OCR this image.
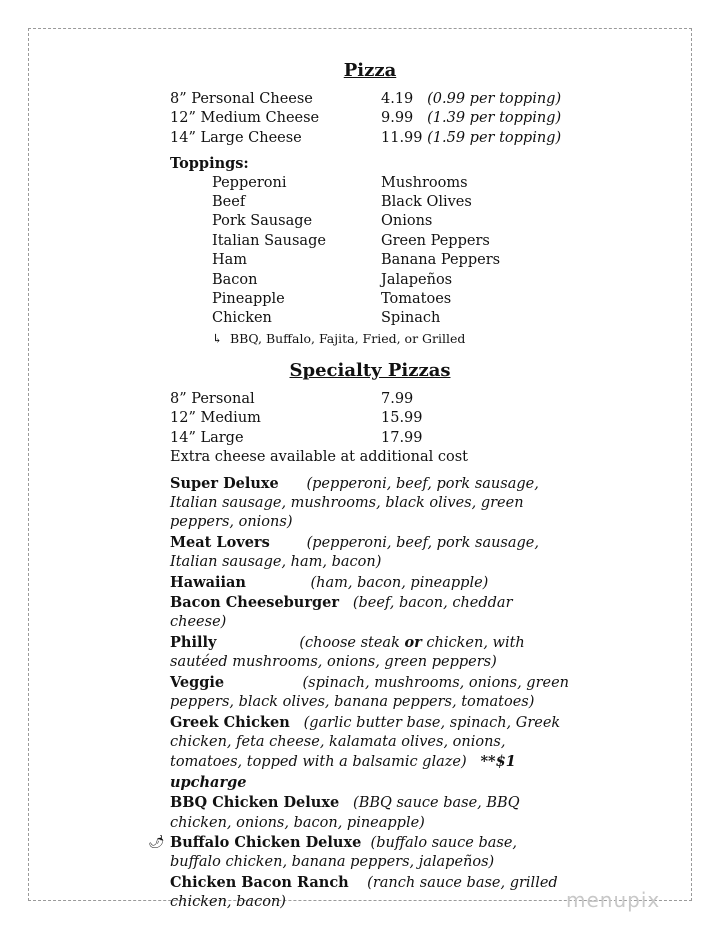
Pizza
8” Personal Cheese	4.19 (0.99 per topping)
12” Medium Cheese	9.99 (1.39 per topping)
14” Large Cheese	11.99 (1.59 per topping)
Toppings:
Pepperoni	Mushrooms
Beef	Black Olives
Pork Sausage	Onions
Italian Sausage	Green Peppers
Ham	Banana Peppers
Bacon	Jalapeños
Pineapple	Tomatoes
Chicken	Spinach
↳ BBQ, Buffalo, Fajita, Fried, or Grilled
Specialty Pizzas
8” Personal	7.99
12” Medium	15.99
14” Large	17.99
Extra cheese available at additional cost
Super Deluxe (pepperoni, beef, pork sausage, Italian sausage, mushrooms, black olives, green peppers, onions)
Meat Lovers	(pepperoni, beef, pork sausage, Italian sausage, ham, bacon)
Hawaiian	(ham, bacon, pineapple)
Bacon Cheeseburger (beef, bacon, cheddar cheese)
Philly	(choose steak or chicken, with sautéed mushrooms, onions, green peppers)
Veggie	(spinach, mushrooms, onions, green peppers, black olives, banana peppers, tomatoes)
Greek Chicken (garlic butter base, spinach, Greek chicken, feta cheese, kalamata olives, onions, tomatoes, topped with a balsamic glaze) **$1 upcharge
BBQ Chicken Deluxe (BBQ sauce base, BBQ chicken, onions, bacon, pineapple)
🌶 Buffalo Chicken Deluxe (buffalo sauce base, buffalo chicken, banana peppers, jalapeños)
Chicken Bacon Ranch (ranch sauce base, grilled chicken, bacon)	menupix
